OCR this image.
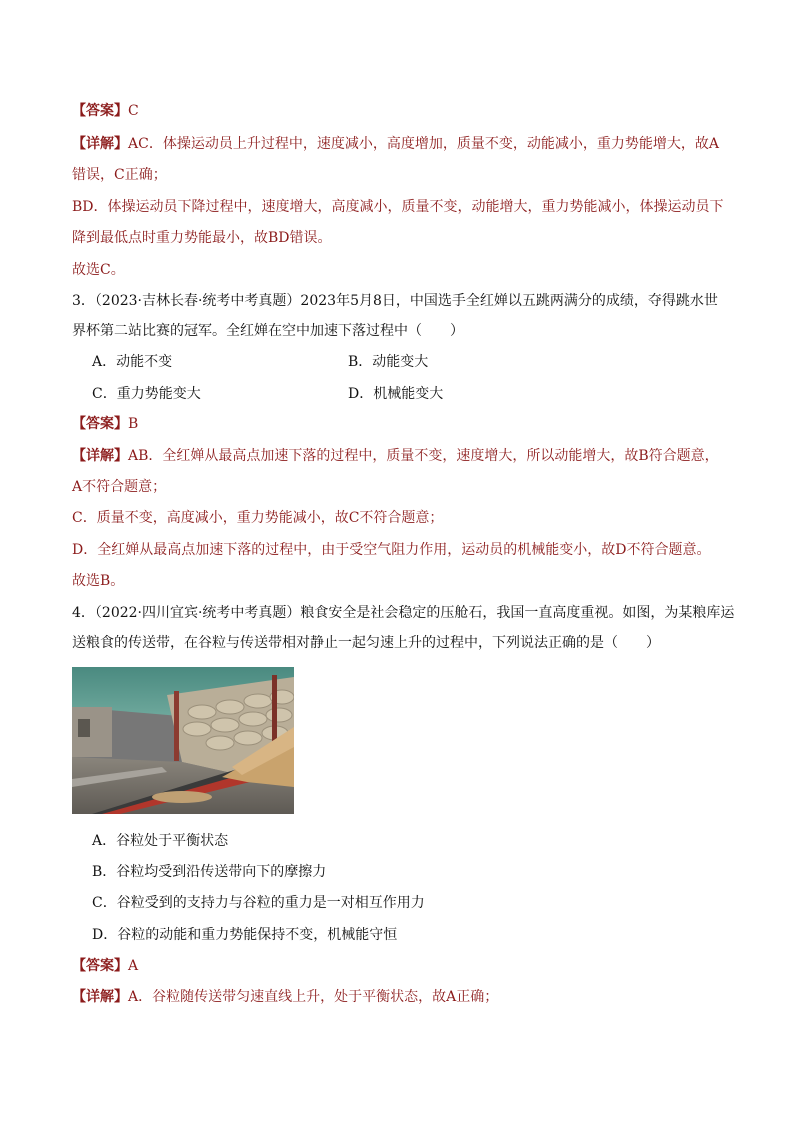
【答案】C
【详解】AC．体操运动员上升过程中，速度减小，高度增加，质量不变，动能减小，重力势能增大，故A
错误，C正确；
BD．体操运动员下降过程中，速度增大，高度减小，质量不变，动能增大，重力势能减小，体操运动员下
降到最低点时重力势能最小，故BD错误。
故选C。
3．（2023·吉林长春·统考中考真题）2023年5月8日，中国选手全红婵以五跳两满分的成绩，夺得跳水世
界杯第二站比赛的冠军。全红婵在空中加速下落过程中（　　）
A．动能不变	B．动能变大
C．重力势能变大	D．机械能变大
【答案】B
【详解】AB．全红婵从最高点加速下落的过程中，质量不变，速度增大，所以动能增大，故B符合题意，
A不符合题意；
C．质量不变，高度减小，重力势能减小，故C不符合题意；
D．全红婵从最高点加速下落的过程中，由于受空气阻力作用，运动员的机械能变小，故D不符合题意。
故选B。
4．（2022·四川宜宾·统考中考真题）粮食安全是社会稳定的压舱石，我国一直高度重视。如图，为某粮库运
送粮食的传送带，在谷粒与传送带相对静止一起匀速上升的过程中，下列说法正确的是（　　）
A．谷粒处于平衡状态
B．谷粒均受到沿传送带向下的摩擦力
C．谷粒受到的支持力与谷粒的重力是一对相互作用力
D．谷粒的动能和重力势能保持不变，机械能守恒
【答案】A
【详解】A．谷粒随传送带匀速直线上升，处于平衡状态，故A正确；
